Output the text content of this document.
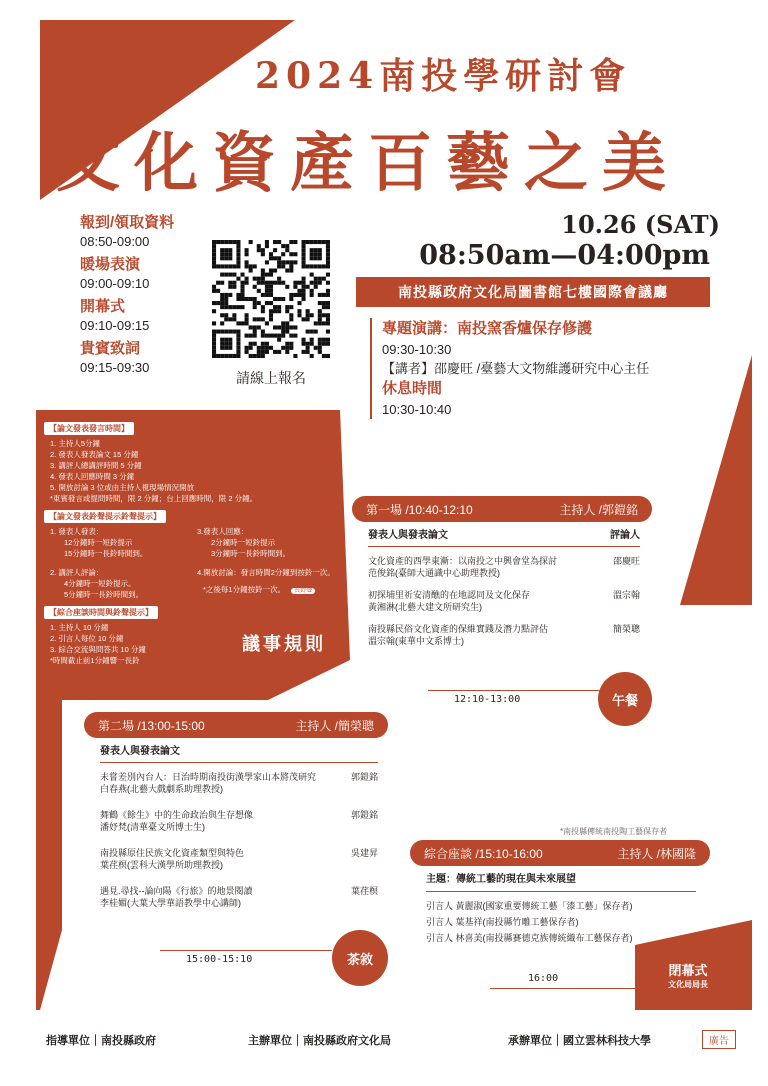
2024南投學研討會
文化資產百藝之美
報到/領取資料
08:50-09:00
暖場表演
09:00-09:10
開幕式
09:10-09:15
貴賓致詞
09:15-09:30
請線上報名
10.26 (SAT)
08:50am—04:00pm
南投縣政府文化局圖書館七樓國際會議廳
專題演講：南投窯香爐保存修護
09:30-10:30
【講者】邵慶旺 /臺藝大文物維護研究中心主任
休息時間
10:30-10:40
【論文發表發言時間】
1. 主持人5分鐘
2. 發表人發表論文 15 分鐘
3. 講評人總講評時間 5 分鐘
4. 發表人回應時間 3 分鐘
5. 開放討論 3 位或由主持人視現場情況開放
*東賓發言或提問時間，限 2 分鐘；台上回應時間，限 2 分鐘。
【論文發表鈴聲提示鈴聲提示】
1. 發表人發表：
12分鐘時一短鈴提示
15分鐘時一長鈴時間到。
2. 講評人評論：
4分鐘時一短鈴提示。
5分鐘時一長鈴時間到。
3.發表人回應：
2分鐘時一短鈴提示
3分鐘時一長鈴時間到。
4.開放討論：發言時間2分鐘到按鈴一次。
*之後每1分鐘按鈴一次。 長鈴聲
【綜合座談時間與鈴聲提示】
1. 主持人 10 分鐘
2. 引言人每位 10 分鐘
3. 綜合交流與問答共 10 分鐘
*時間截止前1分鐘響一長鈴
議事規則
第一場 /10:40-12:10	主持人 /郭鎧銘
發表人與發表論文	評論人
文化資產的西學東漸：以南投之中興會堂為探討
范俊銘(臺師大通識中心助理教授)
邵慶旺
初探埔里祈安清醮的在地認同及文化保存
黃湘淋(北藝大建文所研究生)
溫宗翰
南投縣民俗文化資產的保維實踐及潛力點評估
溫宗翰(東華中文系博士)
簡榮聰
12:10-13:00	午餐
第二場 /13:00-15:00	主持人 /簡榮聰
發表人與發表論文
未嘗差別內台人：日治時期南投街漢學家山本將茂研究
白春燕(北藝大戲劇系助理教授)
郭鎧銘
舞鶴《餘生》中的生命政治與生存想像
潘妤梵(清華臺文所博士生)
郭鎧銘
南投縣原住民族文化資產類型與特色
葉荏榠(雲科大漢學所助理教授)
吳建昇
遇見.尋找--論向陽《行旅》的地景閱讀
李桂媚(大葉大學華語教學中心講師)
葉荏榠
15:00-15:10	茶敘
*南投縣傳統南投陶工藝保存者
綜合座談 /15:10-16:00	主持人 /林國隆
主題：傳統工藝的現在與未來展望
引言人 黃麗淑(國家重要傳統工藝「漆工藝」保存者)
引言人 葉基祥(南投縣竹雕工藝保存者)
引言人 林喜美(南投縣賽德克族傳統織布工藝保存者)
16:00
閉幕式
文化局局長
指導單位｜南投縣政府	主辦單位｜南投縣政府文化局	承辦單位｜國立雲林科技大學	廣告
